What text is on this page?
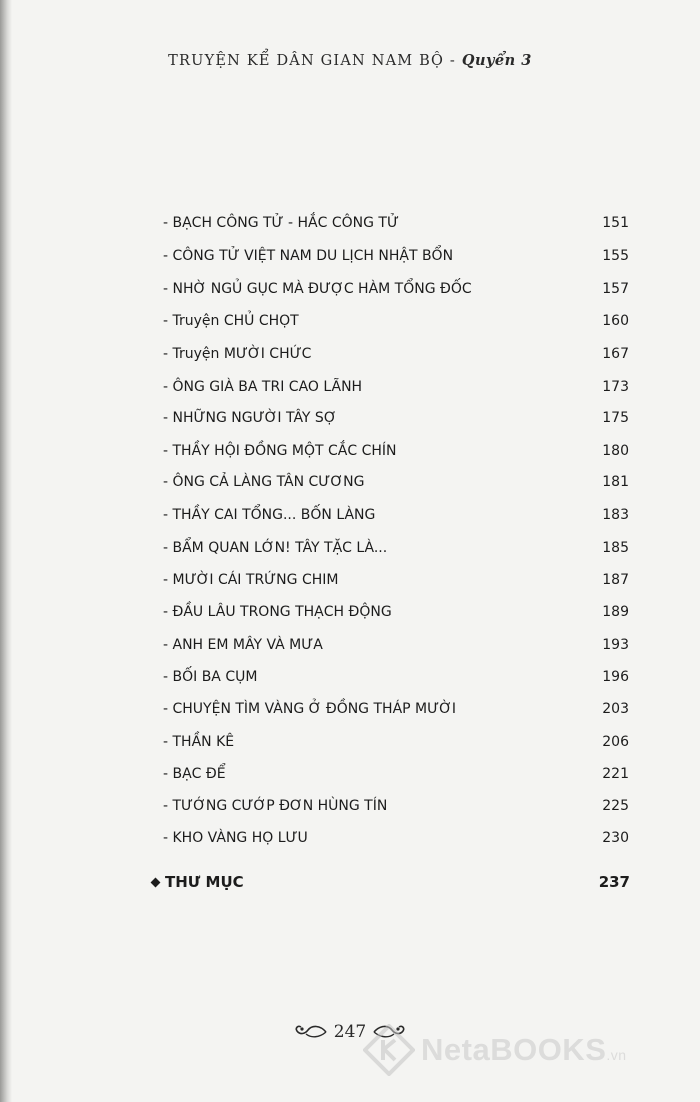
TRUYỆN KỂ DÂN GIAN NAM BỘ - Quyển 3
- BẠCH CÔNG TỬ - HẮC CÔNG TỬ	151
- CÔNG TỬ VIỆT NAM DU LỊCH NHẬT BỔN	155
- NHỜ NGỦ GỤC MÀ ĐƯỢC HÀM TỔNG ĐỐC	157
- Truyện CHỦ CHỌT	160
- Truyện MƯỜI CHỨC	167
- ÔNG GIÀ BA TRI CAO LÃNH	173
- NHỮNG NGƯỜI TÂY SỢ	175
- THẦY HỘI ĐỒNG MỘT CẮC CHÍN	180
- ÔNG CẢ LÀNG TÂN CƯƠNG	181
- THẦY CAI TỔNG... BỐN LÀNG	183
- BẨM QUAN LỚN! TÂY TẶC LÀ...	185
- MƯỜI CÁI TRỨNG CHIM	187
- ĐẦU LÂU TRONG THẠCH ĐỘNG	189
- ANH EM MÂY VÀ MƯA	193
- BỐI BA CỤM	196
- CHUYỆN TÌM VÀNG Ở ĐỒNG THÁP MƯỜI	203
- THẦN KÊ	206
- BẠC ĐỂ	221
- TƯỚNG CƯỚP ĐƠN HÙNG TÍN	225
- KHO VÀNG HỌ LƯU	230
THƯ MỤC	237
247 NetaBOOKS.vn
